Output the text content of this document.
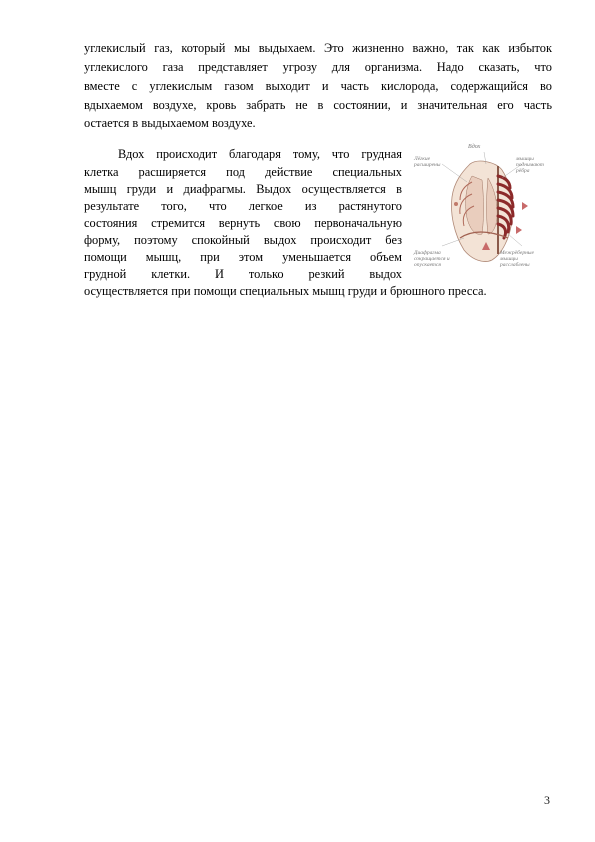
углекислый газ, который мы выдыхаем. Это жизненно важно, так как избыток
углекислого газа представляет угрозу для организма. Надо сказать, что
вместе с углекислым газом выходит и часть кислорода, содержащийся во
вдыхаемом воздухе, кровь забрать не в состоянии, и значительная его часть
остается в выдыхаемом воздухе.
Вдох происходит благодаря тому, что грудная
клетка расширяется под действие специальных
мышц груди и диафрагмы. Выдох осуществляется в
результате того, что легкое из растянутого
состояния стремится вернуть свою первоначальную
форму, поэтому спокойный выдох происходит без
помощи мышц, при этом уменьшается объем
грудной клетки. И только резкий выдох
осуществляется при помощи специальных мышц груди и брюшного пресса.
Вдох
Лёгкие
расширены
мышцы
поднимают
рёбра
Диафрагма
сокращается и
опускается
Межрёберные
мышцы
расслаблены
3
